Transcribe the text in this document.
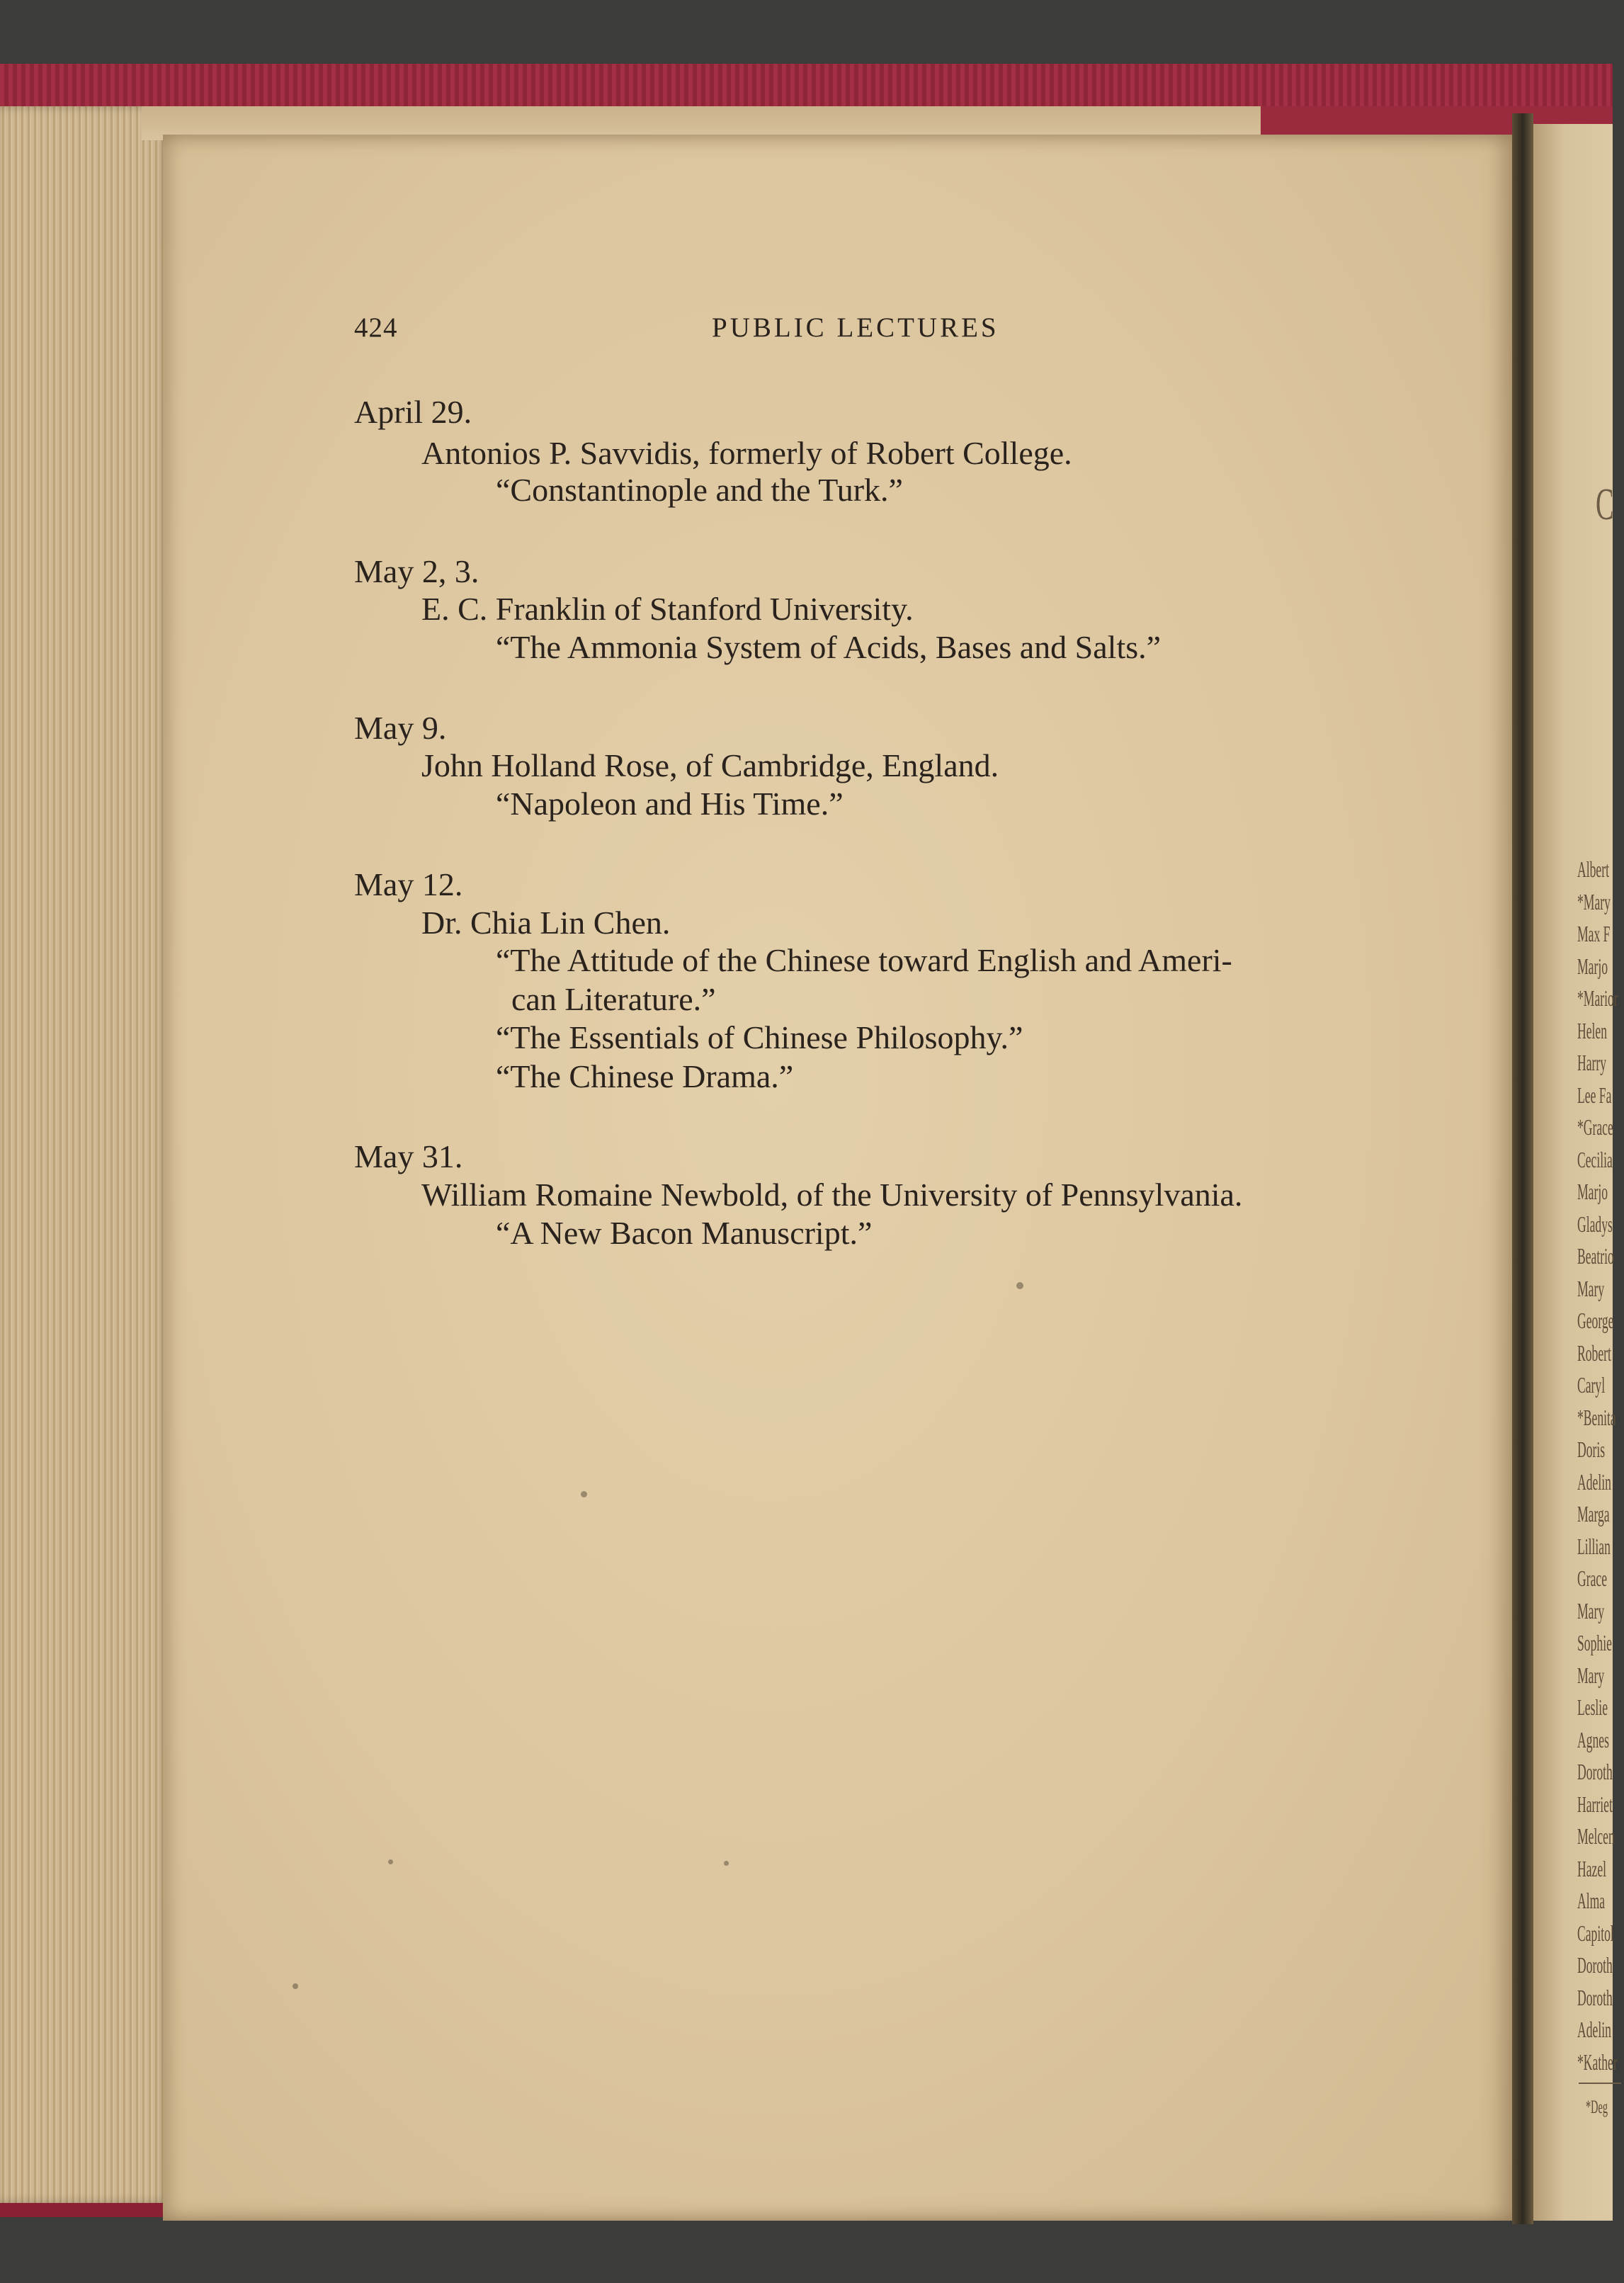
C
Albert
*Mary
Max F
Marjo
*Marior
Helen
Harry
Lee Fa
*Grace
Cecilia
Marjo
Gladys
Beatrio
Mary
George
Robert
Caryl
*Benita
Doris
Adelin
Marga
Lillian
Grace
Mary
Sophie
Mary
Leslie
Agnes
Doroth
Harriet
Melcen
Hazel
Alma
Capitol
Doroth
Doroth
Adelin
*Kather
*Deg
424	PUBLIC LECTURES
April 29.
Antonios P. Savvidis, formerly of Robert College.
“Constantinople and the Turk.”
May 2, 3.
E. C. Franklin of Stanford University.
“The Ammonia System of Acids, Bases and Salts.”
May 9.
John Holland Rose, of Cambridge, England.
“Napoleon and His Time.”
May 12.
Dr. Chia Lin Chen.
“The Attitude of the Chinese toward English and Ameri-
can Literature.”
“The Essentials of Chinese Philosophy.”
“The Chinese Drama.”
May 31.
William Romaine Newbold, of the University of Pennsylvania.
“A New Bacon Manuscript.”
